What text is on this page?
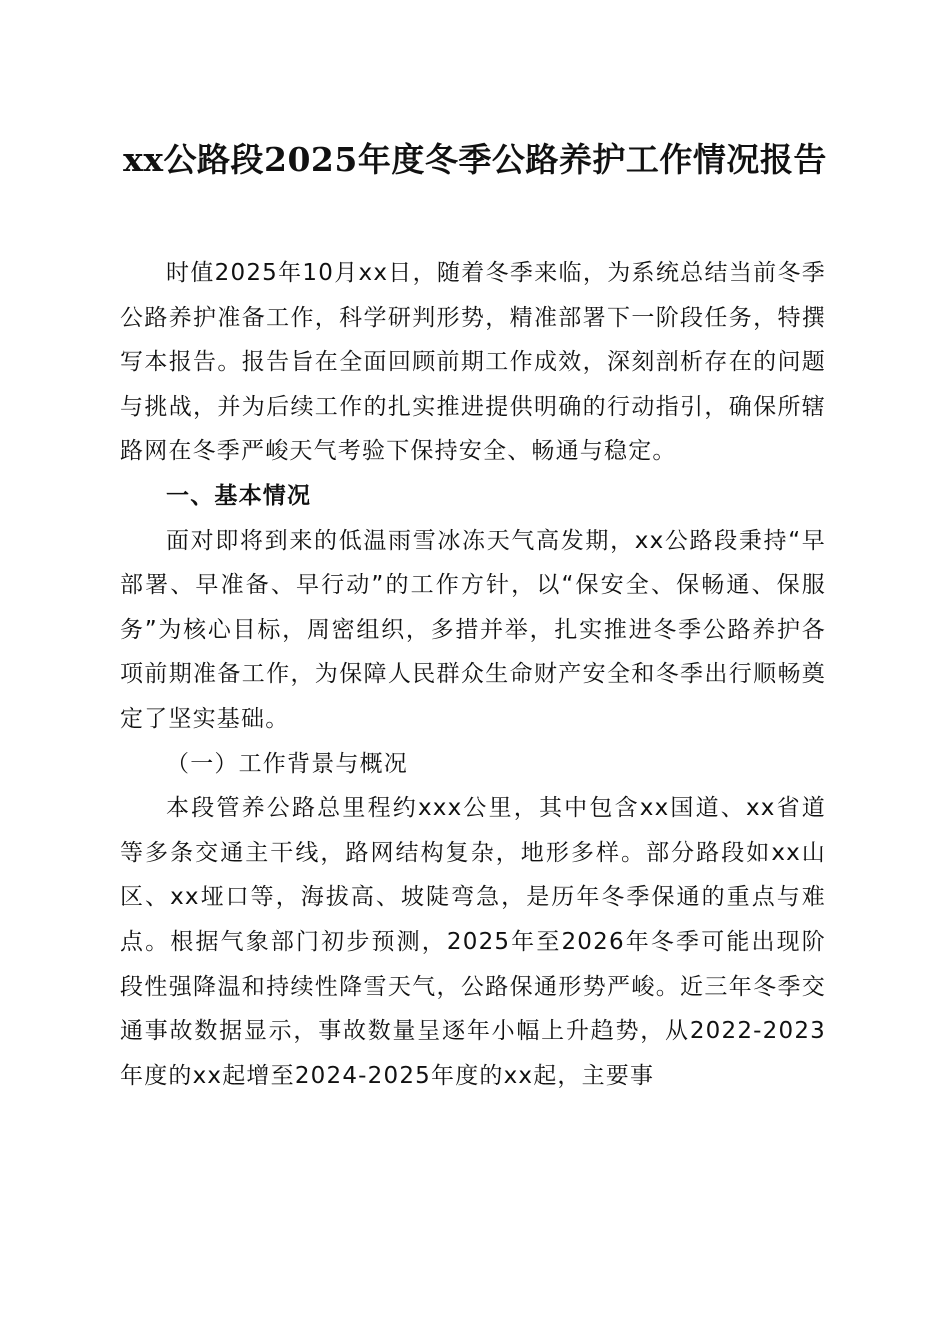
xx公路段2025年度冬季公路养护工作情况报告

时值2025年10月xx日，随着冬季来临，为系统总结当前冬季公路养护准备工作，科学研判形势，精准部署下一阶段任务，特撰写本报告。报告旨在全面回顾前期工作成效，深刻剖析存在的问题与挑战，并为后续工作的扎实推进提供明确的行动指引，确保所辖路网在冬季严峻天气考验下保持安全、畅通与稳定。

一、基本情况

面对即将到来的低温雨雪冰冻天气高发期，xx公路段秉持“早部署、早准备、早行动”的工作方针，以“保安全、保畅通、保服务”为核心目标，周密组织，多措并举，扎实推进冬季公路养护各项前期准备工作，为保障人民群众生命财产安全和冬季出行顺畅奠定了坚实基础。

（一）工作背景与概况

本段管养公路总里程约xxx公里，其中包含xx国道、xx省道等多条交通主干线，路网结构复杂，地形多样。部分路段如xx山区、xx垭口等，海拔高、坡陡弯急，是历年冬季保通的重点与难点。根据气象部门初步预测，2025年至2026年冬季可能出现阶段性强降温和持续性降雪天气，公路保通形势严峻。近三年冬季交通事故数据显示，事故数量呈逐年小幅上升趋势，从2022-2023年度的xx起增至2024-2025年度的xx起，主要事
